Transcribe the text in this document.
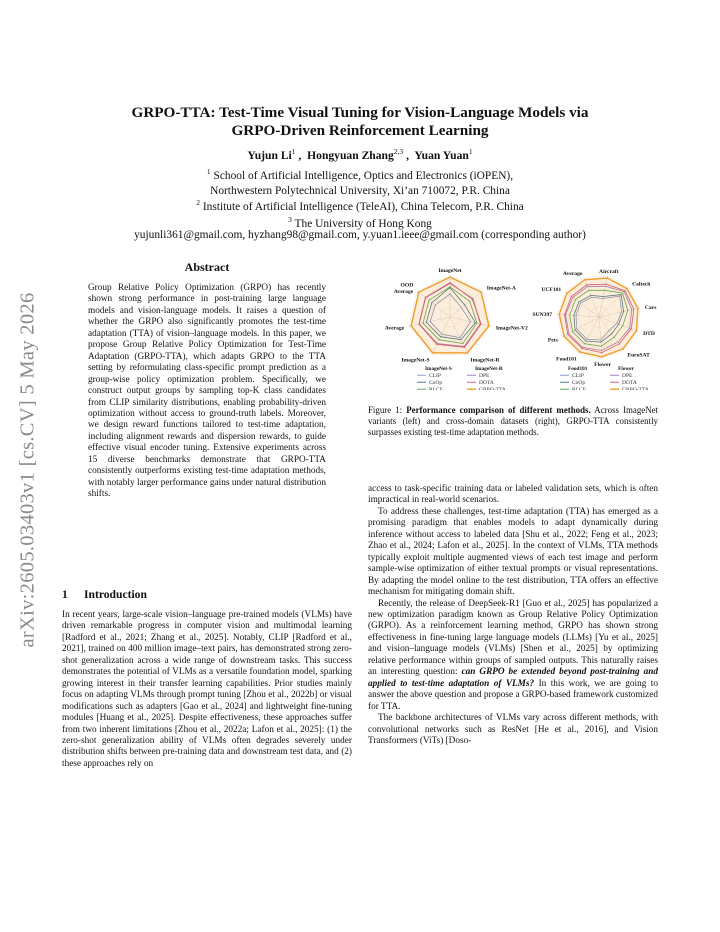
arXiv:2605.03403v1 [cs.CV] 5 May 2026
GRPO-TTA: Test-Time Visual Tuning for Vision-Language Models via
GRPO-Driven Reinforcement Learning
Yujun Li$^1$ ,  Hongyuan Zhang$^{2,3}$ ,  Yuan Yuan$^1$
$^1$ School of Artificial Intelligence, Optics and Electronics (iOPEN),
Northwestern Polytechnical University, Xi’an 710072, P.R. China
$^2$ Institute of Artificial Intelligence (TeleAI), China Telecom, P.R. China
$^3$ The University of Hong Kong
yujunli361@gmail.com, hyzhang98@gmail.com, y.yuan1.ieee@gmail.com (corresponding author)
Abstract
Group Relative Policy Optimization (GRPO) has recently shown strong performance in post-training large language models and vision-language models. It raises a question of whether the GRPO also significantly promotes the test-time adaptation (TTA) of vision–language models. In this paper, we propose Group Relative Policy Optimization for Test-Time Adaptation (GRPO-TTA), which adapts GRPO to the TTA setting by reformulating class-specific prompt prediction as a group-wise policy optimization problem. Specifically, we construct output groups by sampling top-K class candidates from CLIP similarity distributions, enabling probability-driven optimization without access to ground-truth labels. Moreover, we design reward functions tailored to test-time adaptation, including alignment rewards and dispersion rewards, to guide effective visual encoder tuning. Extensive experiments across 15 diverse benchmarks demonstrate that GRPO-TTA consistently outperforms existing test-time adaptation methods, with notably larger performance gains under natural distribution shifts.
1 Introduction

In recent years, large-scale vision–language pre-trained models (VLMs) have driven remarkable progress in computer vision and multimodal learning [Radford et al., 2021; Zhang et al., 2025]. Notably, CLIP [Radford et al., 2021], trained on 400 million image–text pairs, has demonstrated strong zero-shot generalization across a wide range of downstream tasks. This success demonstrates the potential of VLMs as a versatile foundation model, sparking growing interest in their transfer learning capabilities. Prior studies mainly focus on adapting VLMs through prompt tuning [Zhou et al., 2022b] or visual modifications such as adapters [Gao et al., 2024] and lightweight fine-tuning modules [Huang et al., 2025]. Despite effectiveness, these approaches suffer from two inherent limitations [Zhou et al., 2022a; Lafon et al., 2025]: (1) the zero-shot generalization ability of VLMs often degrades severely under distribution shifts between pre-training data and downstream test data, and (2) these approaches rely on

ImageNet
ImageNet-A
ImageNet-V2
ImageNet-R
ImageNet-S
Average
OOD
Average
Aircraft
Caltech
Cars
DTD
EuroSAT
Flower
Food101
Pets
SUN397
UCF101
Average
ImageNet-S	ImageNet-R
CLIP	DPE
CoOp	DOTA
RLCF	GRPO-TTA
Food101	Flower
CLIP	DPE
CoOp	DOTA
RLCF	GRPO-TTA
Figure 1: Performance comparison of different methods. Across ImageNet variants (left) and cross-domain datasets (right), GRPO-TTA consistently surpasses existing test-time adaptation methods.

access to task-specific training data or labeled validation sets, which is often impractical in real-world scenarios.

To address these challenges, test-time adaptation (TTA) has emerged as a promising paradigm that enables models to adapt dynamically during inference without access to labeled data [Shu et al., 2022; Feng et al., 2023; Zhao et al., 2024; Lafon et al., 2025]. In the context of VLMs, TTA methods typically exploit multiple augmented views of each test image and perform sample-wise optimization of either textual prompts or visual representations. By adapting the model online to the test distribution, TTA offers an effective mechanism for mitigating domain shift.

Recently, the release of DeepSeek-R1 [Guo et al., 2025] has popularized a new optimization paradigm known as Group Relative Policy Optimization (GRPO). As a reinforcement learning method, GRPO has shown strong effectiveness in fine-tuning large language models (LLMs) [Yu et al., 2025] and vision–language models (VLMs) [Shen et al., 2025] by optimizing relative performance within groups of sampled outputs. This naturally raises an interesting question: can GRPO be extended beyond post-training and applied to test-time adaptation of VLMs? In this work, we are going to answer the above question and propose a GRPO-based framework customized for TTA.

The backbone architectures of VLMs vary across different methods, with convolutional networks such as ResNet [He et al., 2016], and Vision Transformers (ViTs) [Doso-
